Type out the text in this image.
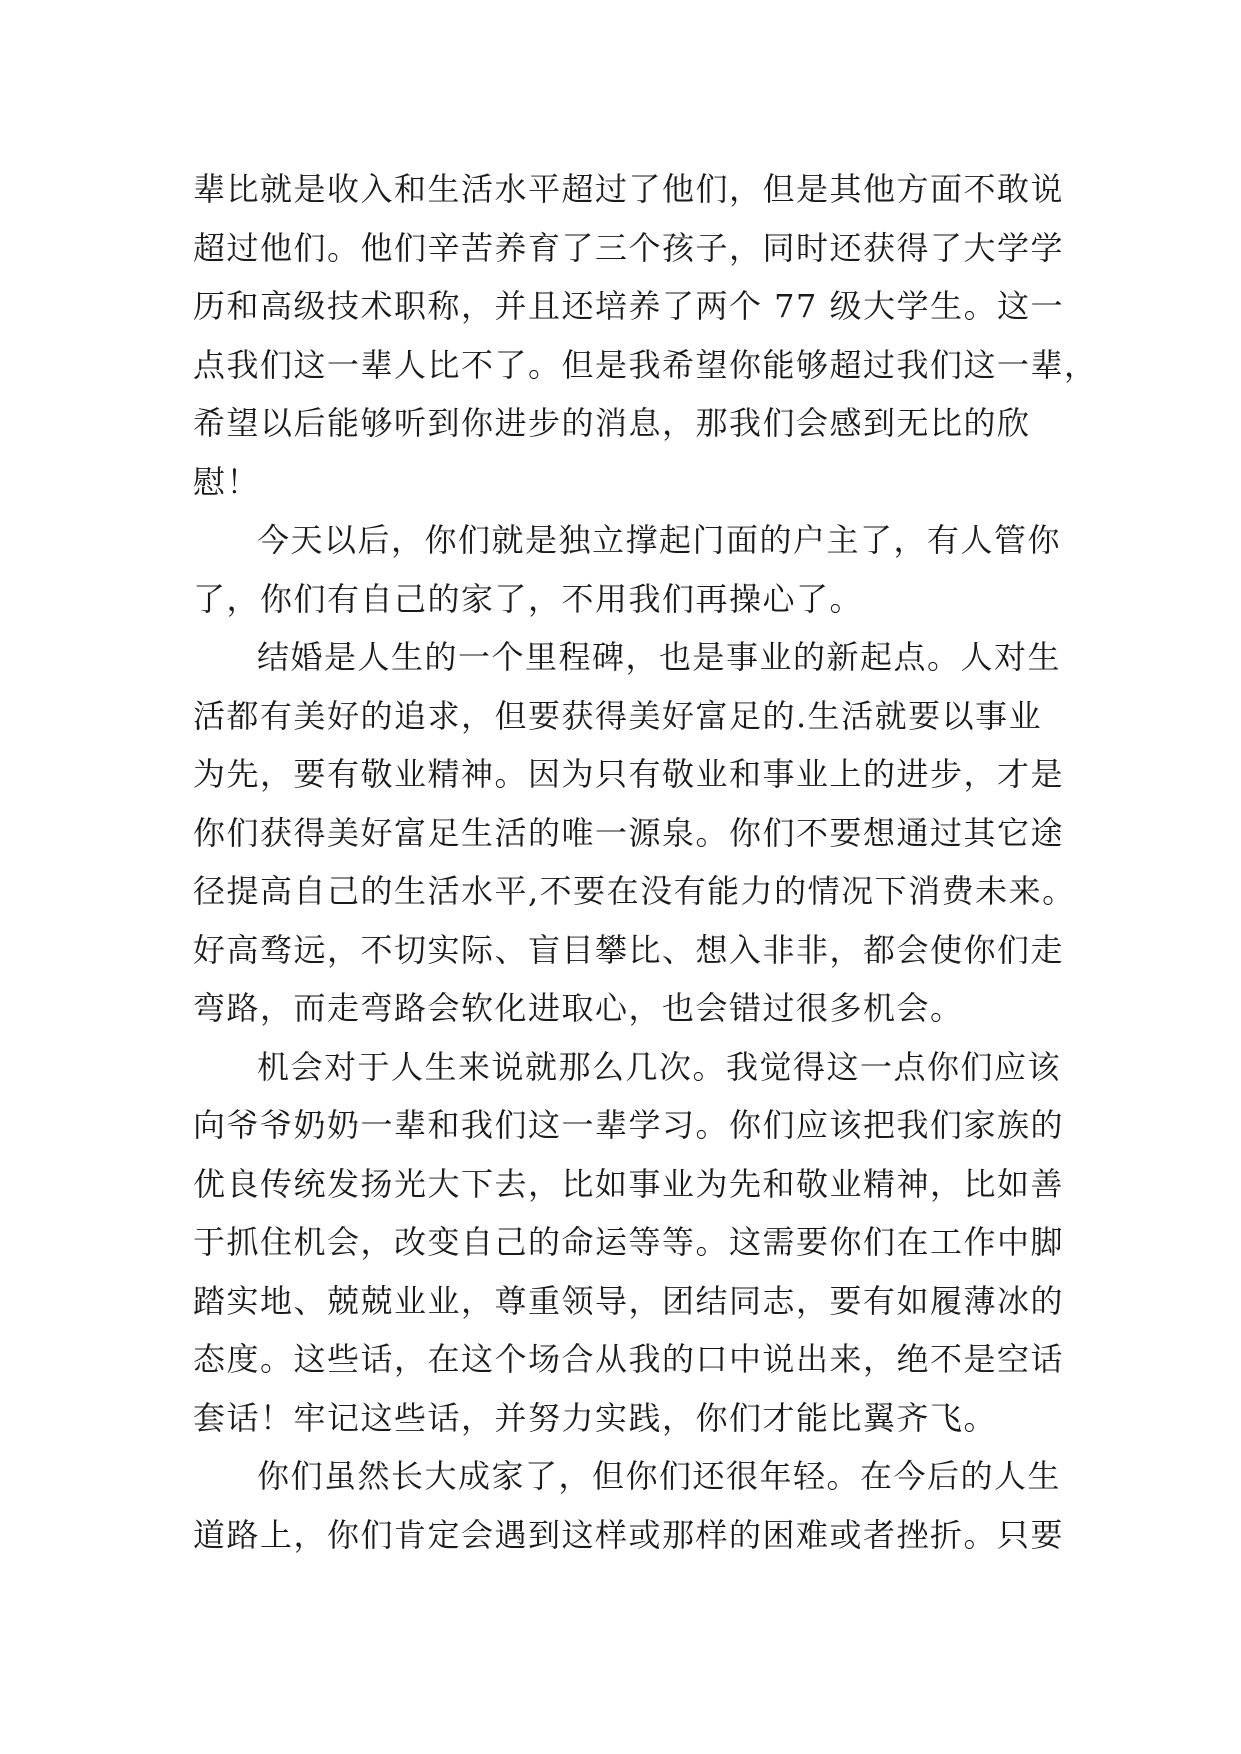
辈比就是收入和生活水平超过了他们，但是其他方面不敢说
超过他们。他们辛苦养育了三个孩子，同时还获得了大学学
历和高级技术职称，并且还培养了两个 77 级大学生。这一
点我们这一辈人比不了。但是我希望你能够超过我们这一辈，
希望以后能够听到你进步的消息，那我们会感到无比的欣
慰！
今天以后，你们就是独立撑起门面的户主了，有人管你
了，你们有自己的家了，不用我们再操心了。
结婚是人生的一个里程碑，也是事业的新起点。人对生
活都有美好的追求，但要获得美好富足的.生活就要以事业
为先，要有敬业精神。因为只有敬业和事业上的进步，才是
你们获得美好富足生活的唯一源泉。你们不要想通过其它途
径提高自己的生活水平,不要在没有能力的情况下消费未来。
好高骛远，不切实际、盲目攀比、想入非非，都会使你们走
弯路，而走弯路会软化进取心，也会错过很多机会。
机会对于人生来说就那么几次。我觉得这一点你们应该
向爷爷奶奶一辈和我们这一辈学习。你们应该把我们家族的
优良传统发扬光大下去，比如事业为先和敬业精神，比如善
于抓住机会，改变自己的命运等等。这需要你们在工作中脚
踏实地、兢兢业业，尊重领导，团结同志，要有如履薄冰的
态度。这些话，在这个场合从我的口中说出来，绝不是空话
套话！牢记这些话，并努力实践，你们才能比翼齐飞。
你们虽然长大成家了，但你们还很年轻。在今后的人生
道路上，你们肯定会遇到这样或那样的困难或者挫折。只要
